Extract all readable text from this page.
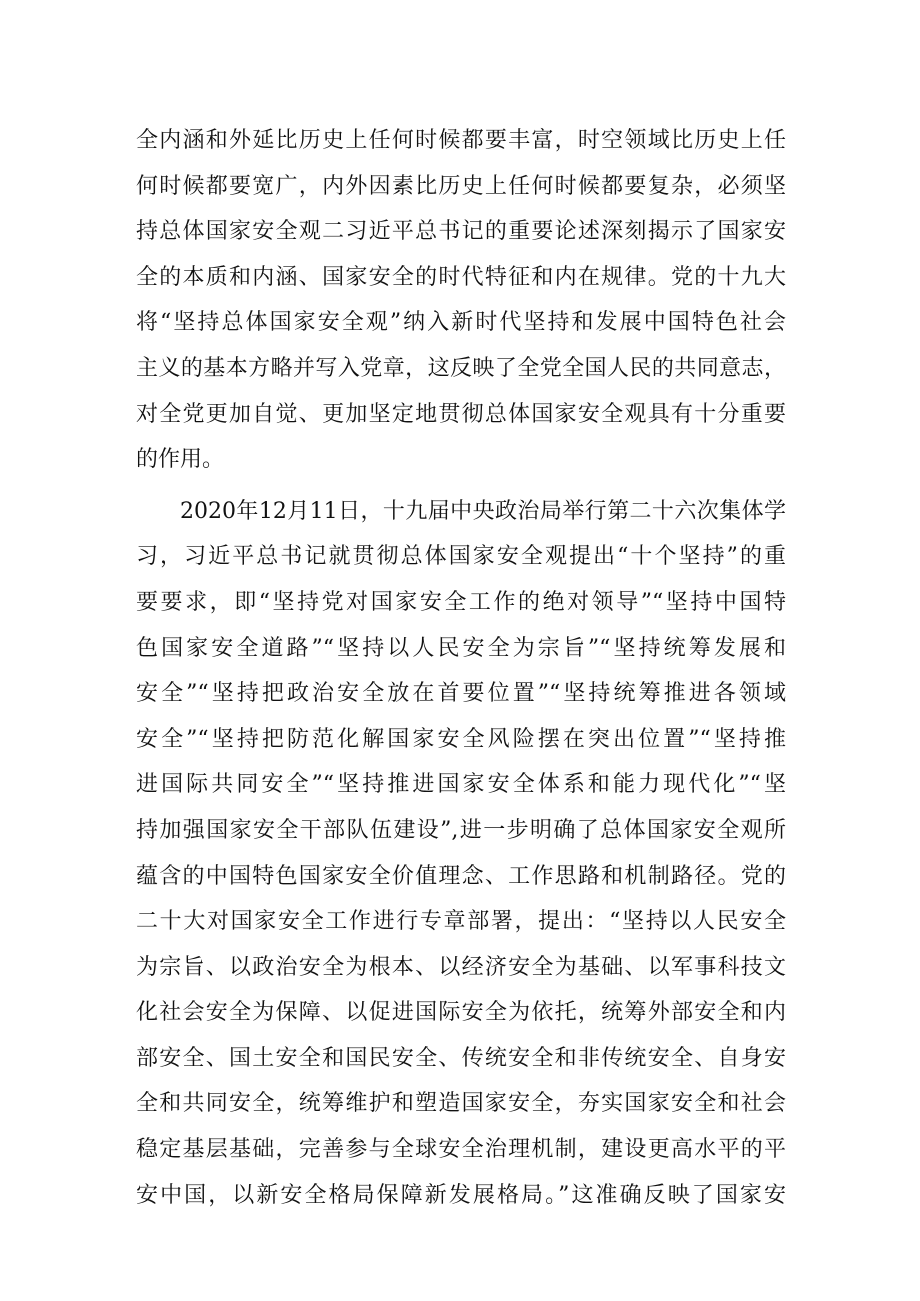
全内涵和外延比历史上任何时候都要丰富，时空领域比历史上任
何时候都要宽广，内外因素比历史上任何时候都要复杂，必须坚
持总体国家安全观二习近平总书记的重要论述深刻揭示了国家安
全的本质和内涵、国家安全的时代特征和内在规律。党的十九大
将“坚持总体国家安全观”纳入新时代坚持和发展中国特色社会
主义的基本方略并写入党章，这反映了全党全国人民的共同意志，
对全党更加自觉、更加坚定地贯彻总体国家安全观具有十分重要
的作用。
2020年12月11日，十九届中央政治局举行第二十六次集体学
习，习近平总书记就贯彻总体国家安全观提出“十个坚持”的重
要要求，即“坚持党对国家安全工作的绝对领导”“坚持中国特
色国家安全道路”“坚持以人民安全为宗旨”“坚持统筹发展和
安全”“坚持把政治安全放在首要位置”“坚持统筹推进各领域
安全”“坚持把防范化解国家安全风险摆在突出位置”“坚持推
进国际共同安全”“坚持推进国家安全体系和能力现代化”“坚
持加强国家安全干部队伍建设”,进一步明确了总体国家安全观所
蕴含的中国特色国家安全价值理念、工作思路和机制路径。党的
二十大对国家安全工作进行专章部署，提出：“坚持以人民安全
为宗旨、以政治安全为根本、以经济安全为基础、以军事科技文
化社会安全为保障、以促进国际安全为依托，统筹外部安全和内
部安全、国土安全和国民安全、传统安全和非传统安全、自身安
全和共同安全，统筹维护和塑造国家安全，夯实国家安全和社会
稳定基层基础，完善参与全球安全治理机制，建设更高水平的平
安中国，以新安全格局保障新发展格局。”这准确反映了国家安
